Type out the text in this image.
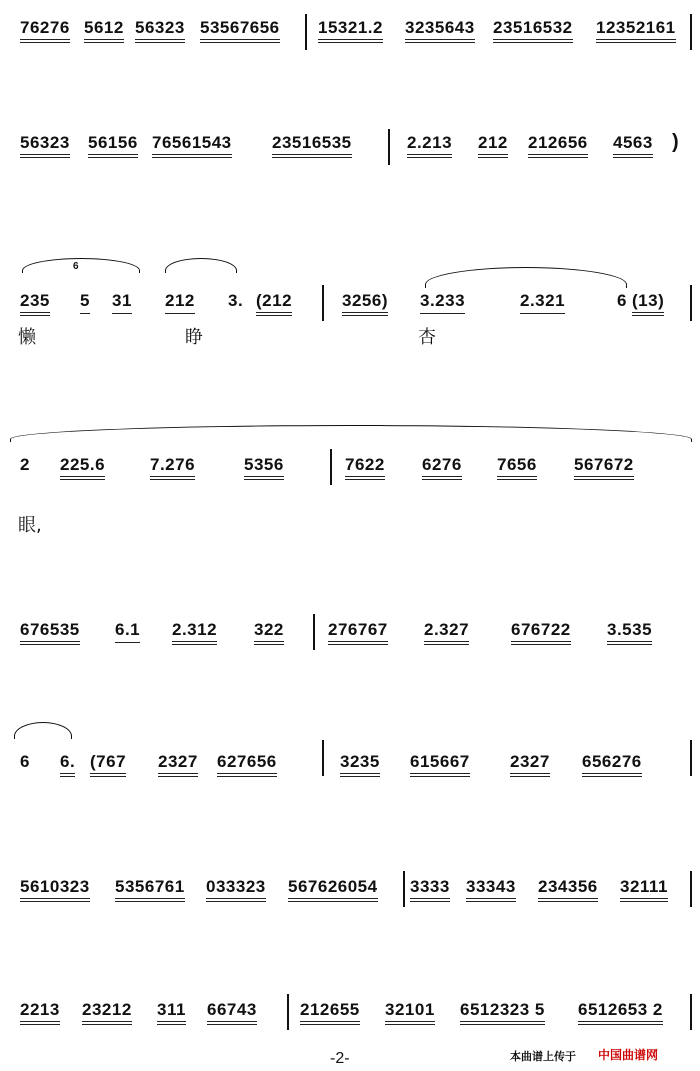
76276 5612 56323 53567656 15321.2 3235643 2351653​2 12352161
56323 56156 76561543 23516535	2.213 212 212656 4563 )
6
235 5 31 212 3. (212	3256) 3.233	2.321	6 (13)
懒	睁	杏
2 225.6	7.276	5356	7622 6276 7656 567672
眼,
676535 6.1 2.312 322	276767 2.327 676722 3.535
6 6. (767 2327 627656	3235 615667 2327 656276
5610323 5356761 033323 567626054 3333 33343 234356 32111
2213 23212 311 66743	212655 32101 6512323 5 6512653 2
-2-	本曲谱上传于 中国曲谱网
